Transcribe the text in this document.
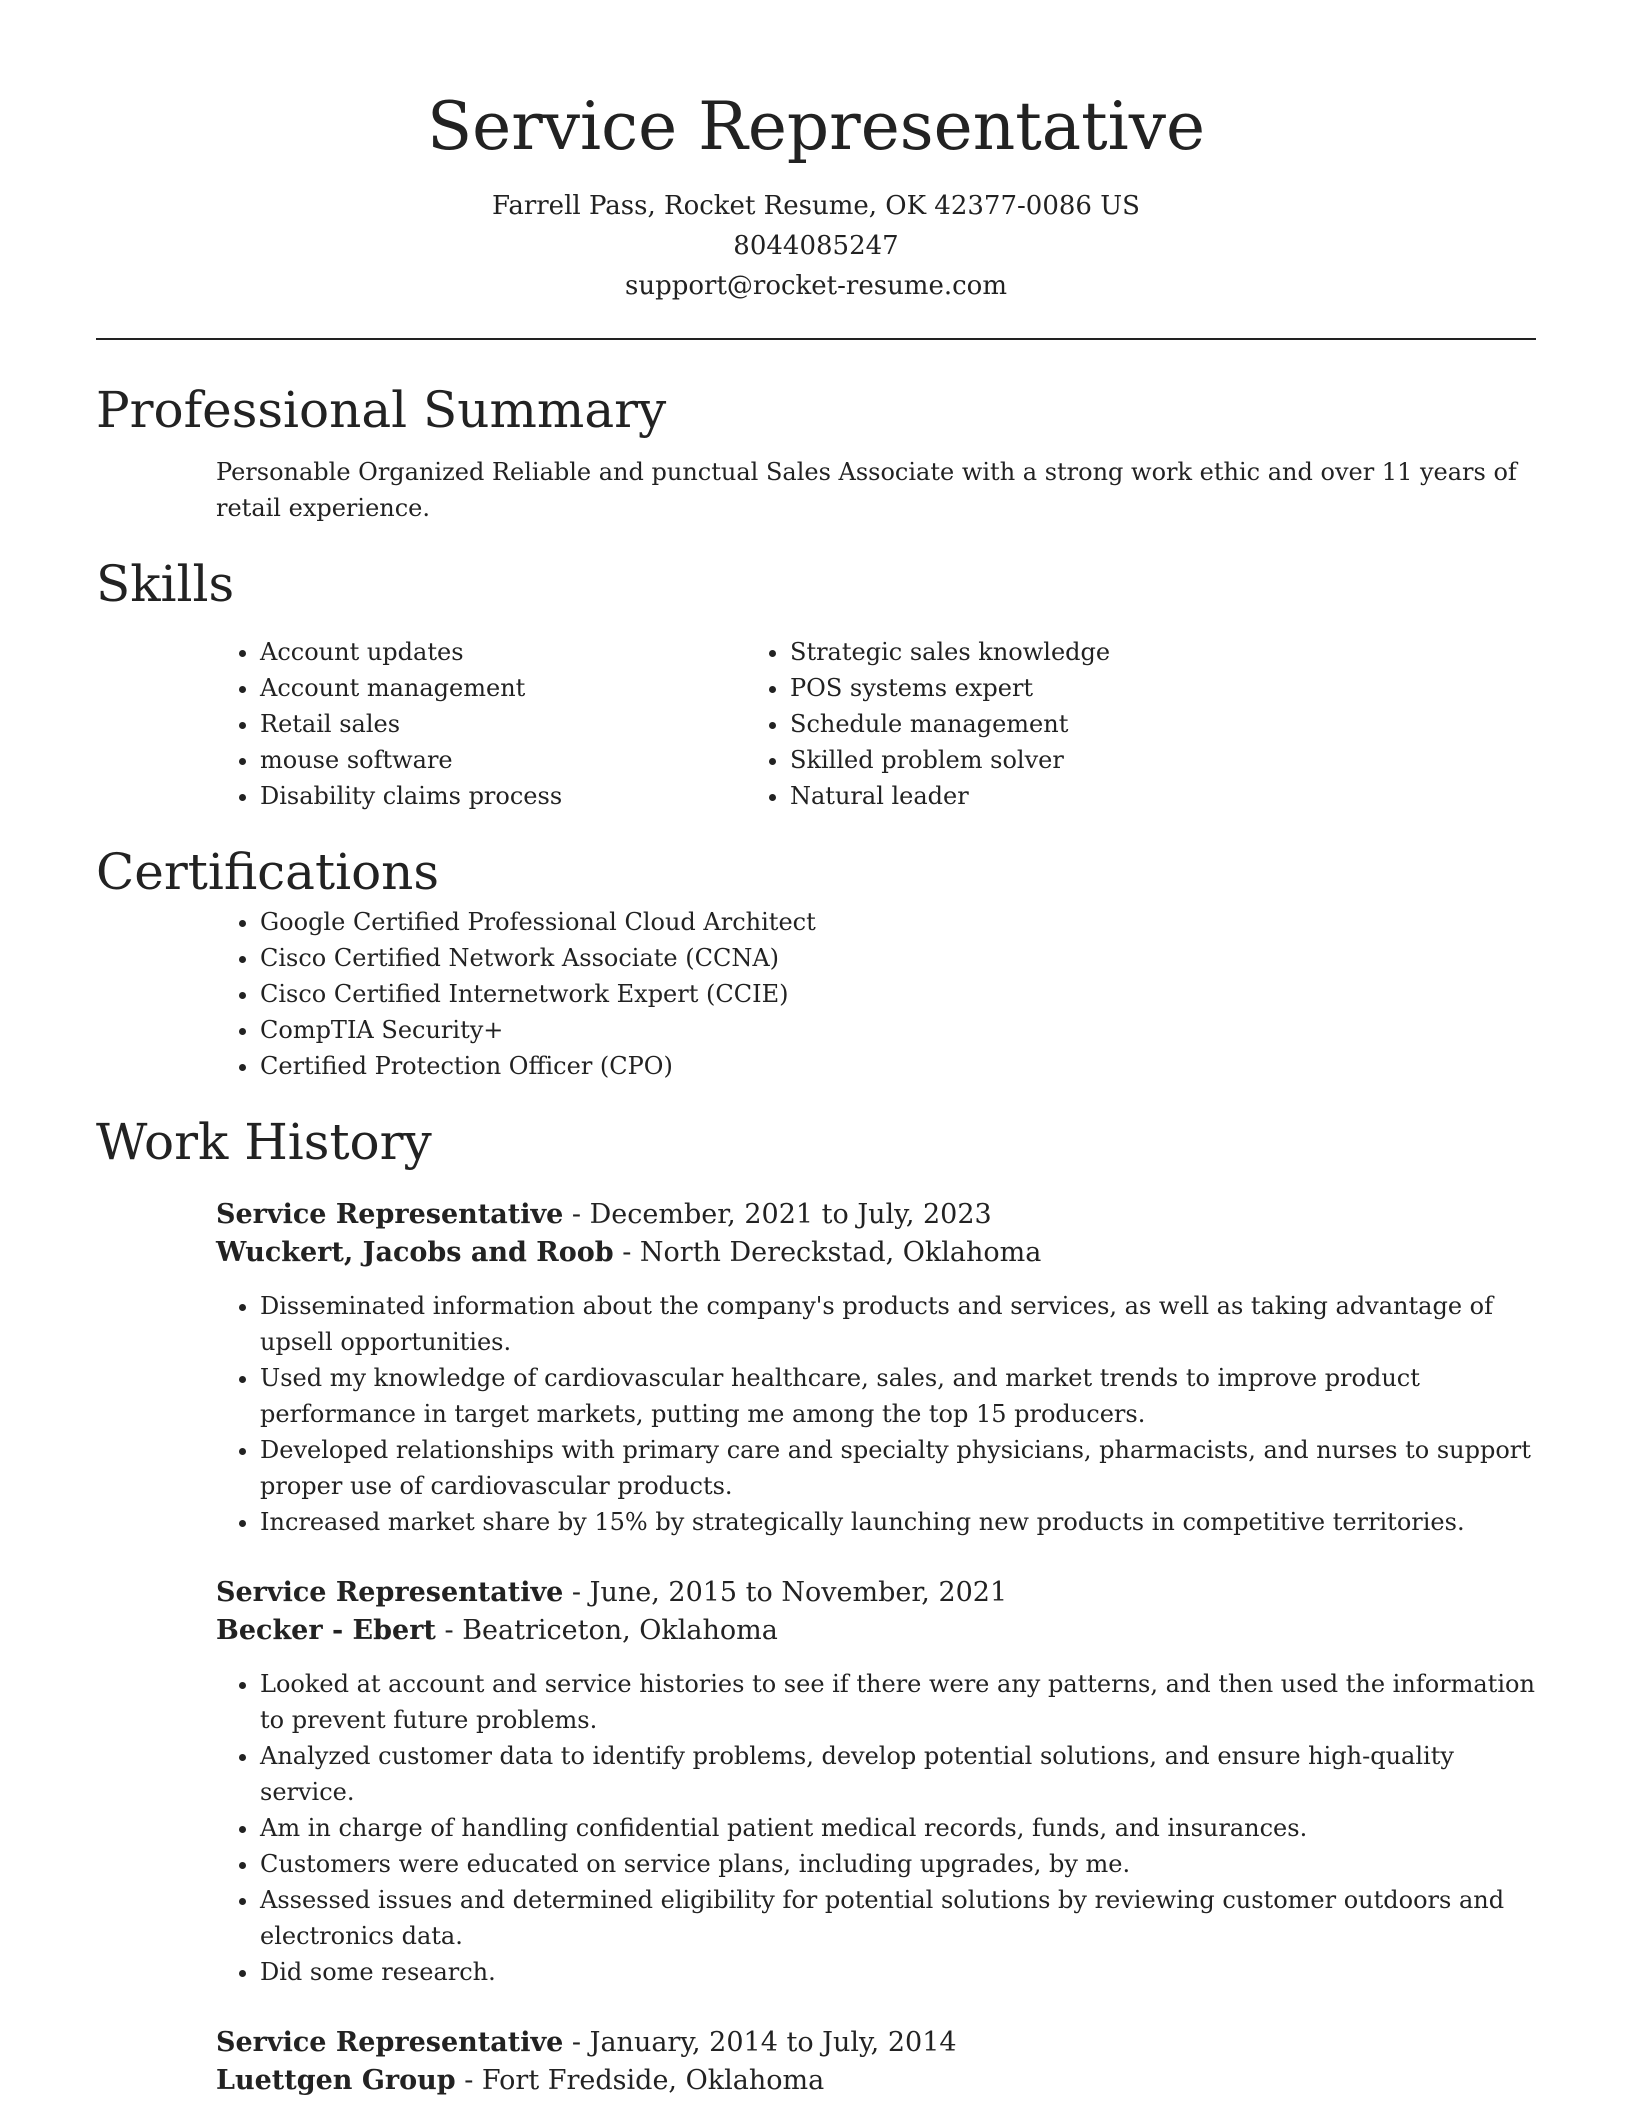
Service Representative

Farrell Pass, Rocket Resume, OK 42377-0086 US

8044085247

support@rocket-resume.com

Professional Summary

Personable Organized Reliable and punctual Sales Associate with a strong work ethic and over 11 years of retail experience.

Skills
• Account updates
• Account management
• Retail sales
• mouse software
• Disability claims process
• Strategic sales knowledge
• POS systems expert
• Schedule management
• Skilled problem solver
• Natural leader
Certifications
• Google Certified Professional Cloud Architect
• Cisco Certified Network Associate (CCNA)
• Cisco Certified Internetwork Expert (CCIE)
• CompTIA Security+
• Certified Protection Officer (CPO)
Work History

Service Representative - December, 2021 to July, 2023

Wuckert, Jacobs and Roob - North Dereckstad, Oklahoma

• Disseminated information about the company's products and services, as well as taking advantage of upsell opportunities.
• Used my knowledge of cardiovascular healthcare, sales, and market trends to improve product performance in target markets, putting me among the top 15 producers.
• Developed relationships with primary care and specialty physicians, pharmacists, and nurses to support proper use of cardiovascular products.
• Increased market share by 15% by strategically launching new products in competitive territories.

Service Representative - June, 2015 to November, 2021

Becker - Ebert - Beatriceton, Oklahoma

• Looked at account and service histories to see if there were any patterns, and then used the information to prevent future problems.
• Analyzed customer data to identify problems, develop potential solutions, and ensure high-quality service.
• Am in charge of handling confidential patient medical records, funds, and insurances.
• Customers were educated on service plans, including upgrades, by me.
• Assessed issues and determined eligibility for potential solutions by reviewing customer outdoors and electronics data.
• Did some research.

Service Representative - January, 2014 to July, 2014

Luettgen Group - Fort Fredside, Oklahoma
